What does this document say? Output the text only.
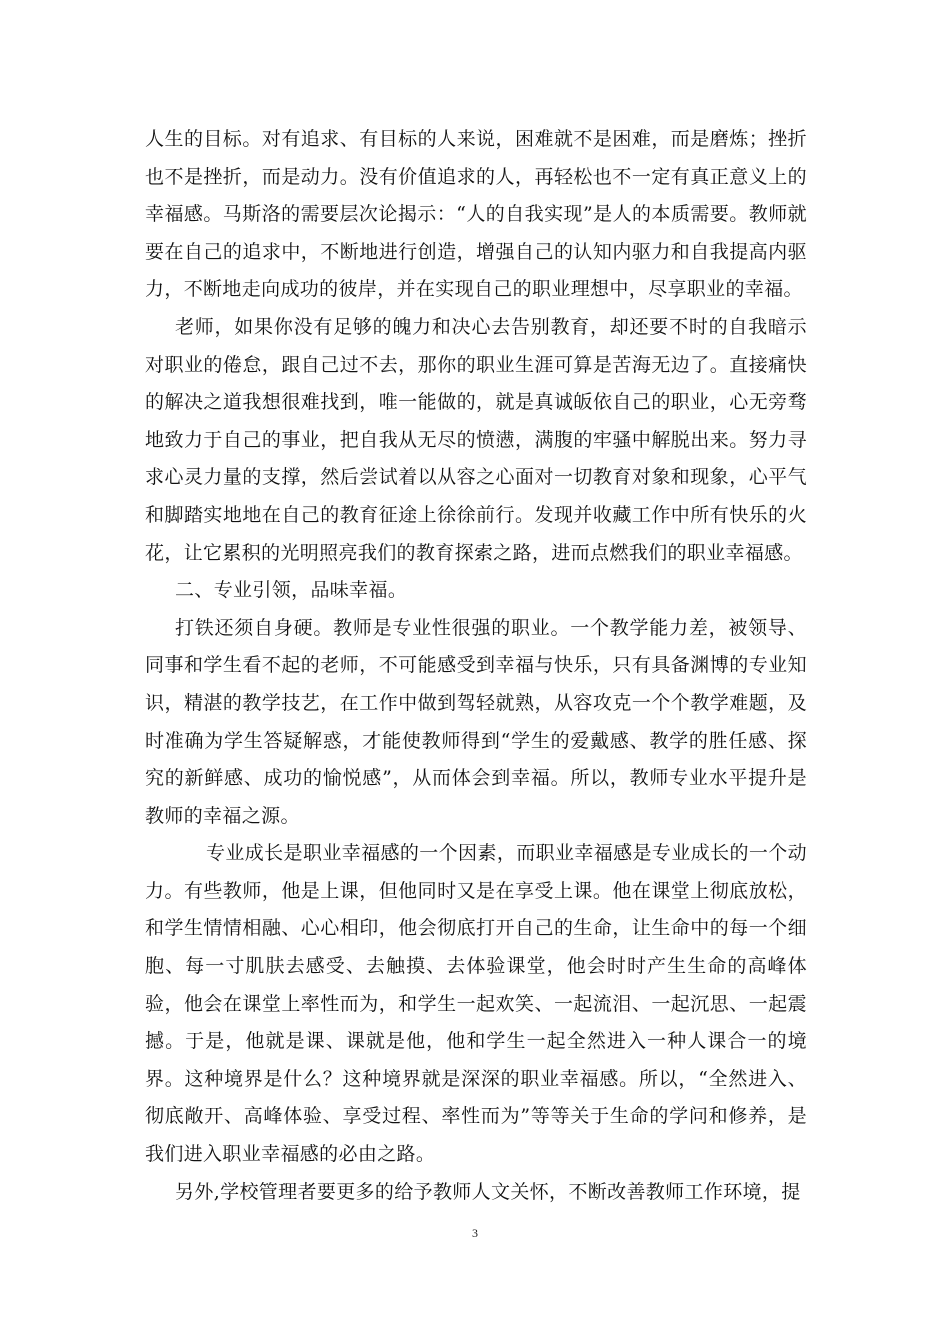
人生的目标。对有追求、有目标的人来说，困难就不是困难，而是磨炼；挫折也不是挫折，而是动力。没有价值追求的人，再轻松也不一定有真正意义上的幸福感。马斯洛的需要层次论揭示：“人的自我实现”是人的本质需要。教师就要在自己的追求中，不断地进行创造，增强自己的认知内驱力和自我提高内驱力，不断地走向成功的彼岸，并在实现自己的职业理想中，尽享职业的幸福。

老师，如果你没有足够的魄力和决心去告别教育，却还要不时的自我暗示对职业的倦怠，跟自己过不去，那你的职业生涯可算是苦海无边了。直接痛快的解决之道我想很难找到，唯一能做的，就是真诚皈依自己的职业，心无旁骛地致力于自己的事业，把自我从无尽的愤懑，满腹的牢骚中解脱出来。努力寻求心灵力量的支撑，然后尝试着以从容之心面对一切教育对象和现象，心平气和脚踏实地地在自己的教育征途上徐徐前行。发现并收藏工作中所有快乐的火花，让它累积的光明照亮我们的教育探索之路，进而点燃我们的职业幸福感。

二、专业引领，品味幸福。

打铁还须自身硬。教师是专业性很强的职业。一个教学能力差，被领导、同事和学生看不起的老师，不可能感受到幸福与快乐，只有具备渊博的专业知识，精湛的教学技艺，在工作中做到驾轻就熟，从容攻克一个个教学难题，及时准确为学生答疑解惑，才能使教师得到“学生的爱戴感、教学的胜任感、探究的新鲜感、成功的愉悦感”，从而体会到幸福。所以，教师专业水平提升是教师的幸福之源。

专业成长是职业幸福感的一个因素，而职业幸福感是专业成长的一个动力。有些教师，他是上课，但他同时又是在享受上课。他在课堂上彻底放松，和学生情情相融、心心相印，他会彻底打开自己的生命，让生命中的每一个细胞、每一寸肌肤去感受、去触摸、去体验课堂，他会时时产生生命的高峰体验，他会在课堂上率性而为，和学生一起欢笑、一起流泪、一起沉思、一起震撼。于是，他就是课、课就是他，他和学生一起全然进入一种人课合一的境界。这种境界是什么？这种境界就是深深的职业幸福感。所以，“全然进入、彻底敞开、高峰体验、享受过程、率性而为”等等关于生命的学问和修养，是我们进入职业幸福感的必由之路。

另外,学校管理者要更多的给予教师人文关怀，不断改善教师工作环境，提

3
